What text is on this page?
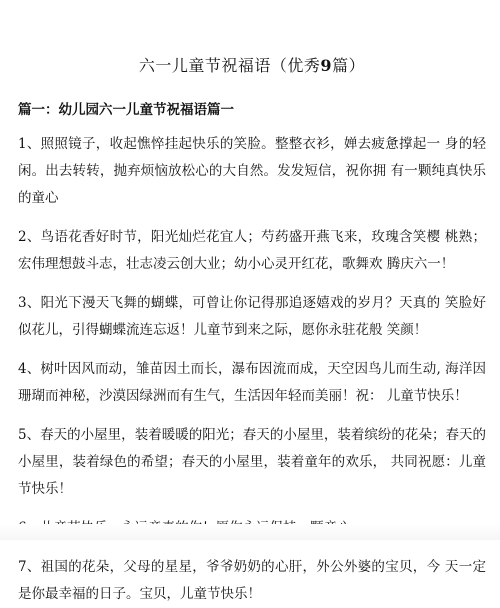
六一儿童节祝福语（优秀9篇）
篇一：幼儿园六一儿童节祝福语篇一

1、照照镜子，收起憔悴挂起快乐的笑脸。整整衣衫，婵去疲惫撑起一 身的轻闲。出去转转，抛弃烦恼放松心的大自然。发发短信，祝你拥 有一颗纯真快乐的童心

2、鸟语花香好时节，阳光灿烂花宜人；芍药盛开燕飞来，玫瑰含笑樱 桃熟；宏伟理想鼓斗志，壮志凌云创大业；幼小心灵开红花，歌舞欢 腾庆六一！

3、阳光下漫天飞舞的蝴蝶，可曾让你记得那追逐嬉戏的岁月？天真的 笑脸好似花儿，引得蝴蝶流连忘返！儿童节到来之际，愿你永驻花般 笑颜！

4、树叶因风而动，雏苗因土而长，瀑布因流而成，天空因鸟儿而生动, 海洋因珊瑚而神秘，沙漠因绿洲而有生气，生活因年轻而美丽！祝： 儿童节快乐！

5、春天的小屋里，装着暖暖的阳光；春天的小屋里，装着缤纷的花朵；春天的小屋里，装着绿色的希望；春天的小屋里，装着童年的欢乐， 共同祝愿：儿童节快乐！

7、祖国的花朵，父母的星星，爷爷奶奶的心肝，外公外婆的宝贝，今 天一定是你最幸福的日子。宝贝，儿童节快乐！
